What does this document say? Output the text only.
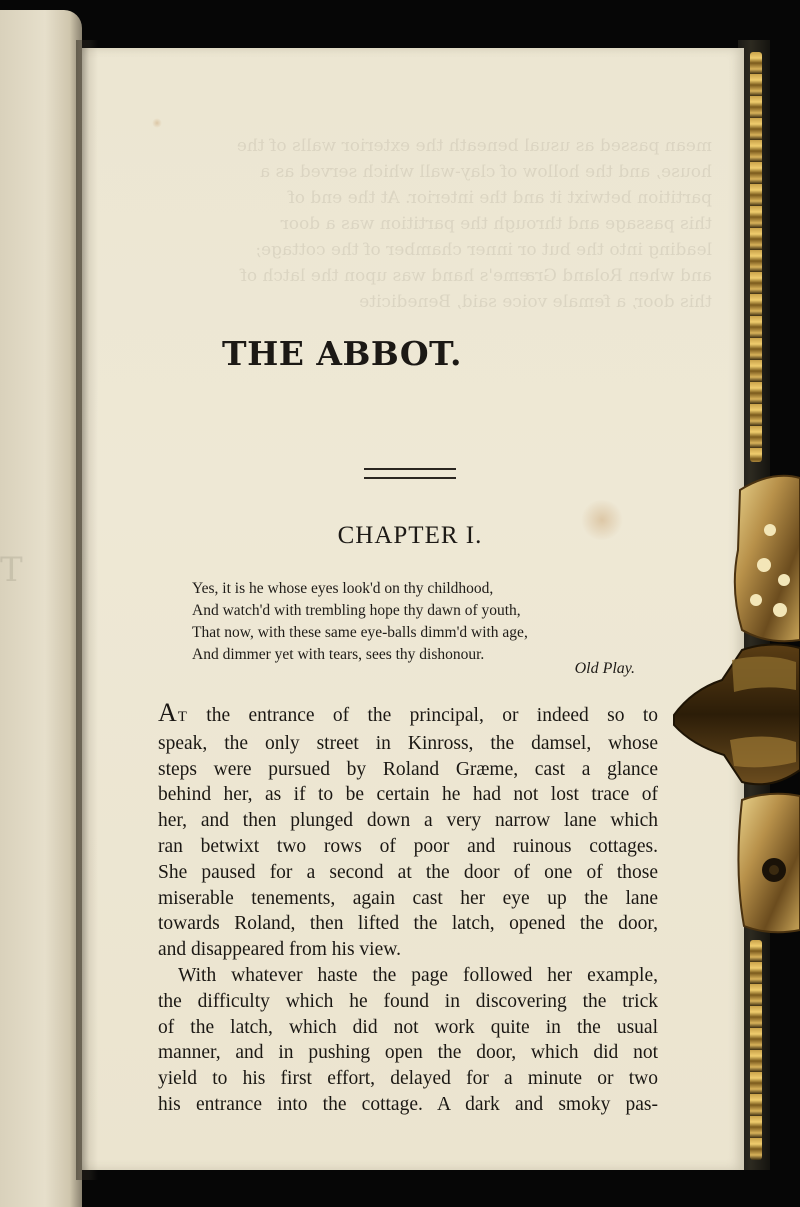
T
mean passed as usual beneath the exterior walls of the
house, and the hollow of clay-wall which served as a
partition betwixt it and the interior. At the end of
this passage and through the partition was a door
leading into the but or inner chamber of the cottage;
and when Roland Græme's hand was upon the latch of
this door, a female voice said, Benedicite
THE ABBOT.
CHAPTER I.
Yes, it is he whose eyes look'd on thy childhood,
And watch'd with trembling hope thy dawn of youth,
That now, with these same eye-balls dimm'd with age,
And dimmer yet with tears, sees thy dishonour.
Old Play.
AT the entrance of the principal, or indeed so to
speak, the only street in Kinross, the damsel, whose
steps were pursued by Roland Græme, cast a glance
behind her, as if to be certain he had not lost trace of
her, and then plunged down a very narrow lane which
ran betwixt two rows of poor and ruinous cottages.
She paused for a second at the door of one of those
miserable tenements, again cast her eye up the lane
towards Roland, then lifted the latch, opened the door,
and disappeared from his view.
With whatever haste the page followed her example,
the difficulty which he found in discovering the trick
of the latch, which did not work quite in the usual
manner, and in pushing open the door, which did not
yield to his first effort, delayed for a minute or two
his entrance into the cottage. A dark and smoky pas-
